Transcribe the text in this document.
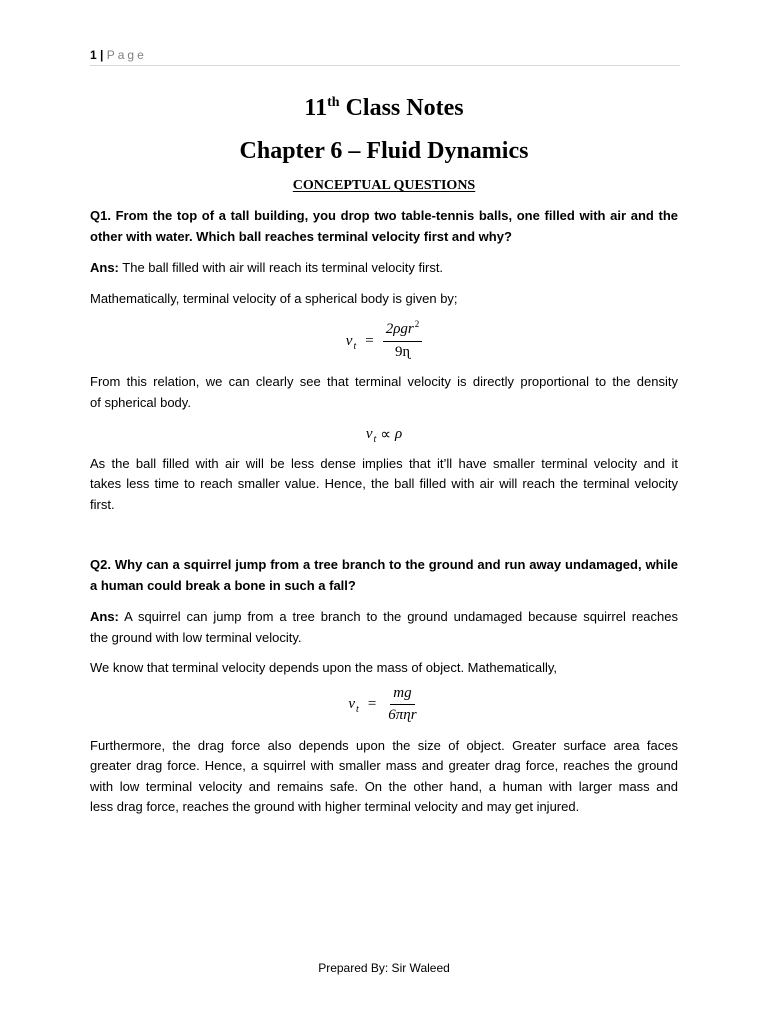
1 | Page
11th Class Notes
Chapter 6 – Fluid Dynamics
CONCEPTUAL QUESTIONS
Q1. From the top of a tall building, you drop two table-tennis balls, one filled with air and the
other with water. Which ball reaches terminal velocity first and why?
Ans: The ball filled with air will reach its terminal velocity first.
Mathematically, terminal velocity of a spherical body is given by;
$v_t = \frac{2\rho gr^2}{\text{9ɳ}}$
From this relation, we can clearly see that terminal velocity is directly proportional to the density
of spherical body.
$v_t \propto \rho$
As the ball filled with air will be less dense implies that it’ll have smaller terminal velocity and it
takes less time to reach smaller value. Hence, the ball filled with air will reach the terminal velocity
first.
Q2. Why can a squirrel jump from a tree branch to the ground and run away undamaged, while
a human could break a bone in such a fall?
Ans: A squirrel can jump from a tree branch to the ground undamaged because squirrel reaches
the ground with low terminal velocity.
We know that terminal velocity depends upon the mass of object. Mathematically,
$v_t = \frac{mg}{\text{6πɳr}}$
Furthermore, the drag force also depends upon the size of object. Greater surface area faces
greater drag force. Hence, a squirrel with smaller mass and greater drag force, reaches the ground
with low terminal velocity and remains safe. On the other hand, a human with larger mass and
less drag force, reaches the ground with higher terminal velocity and may get injured.
Prepared By: Sir Waleed
